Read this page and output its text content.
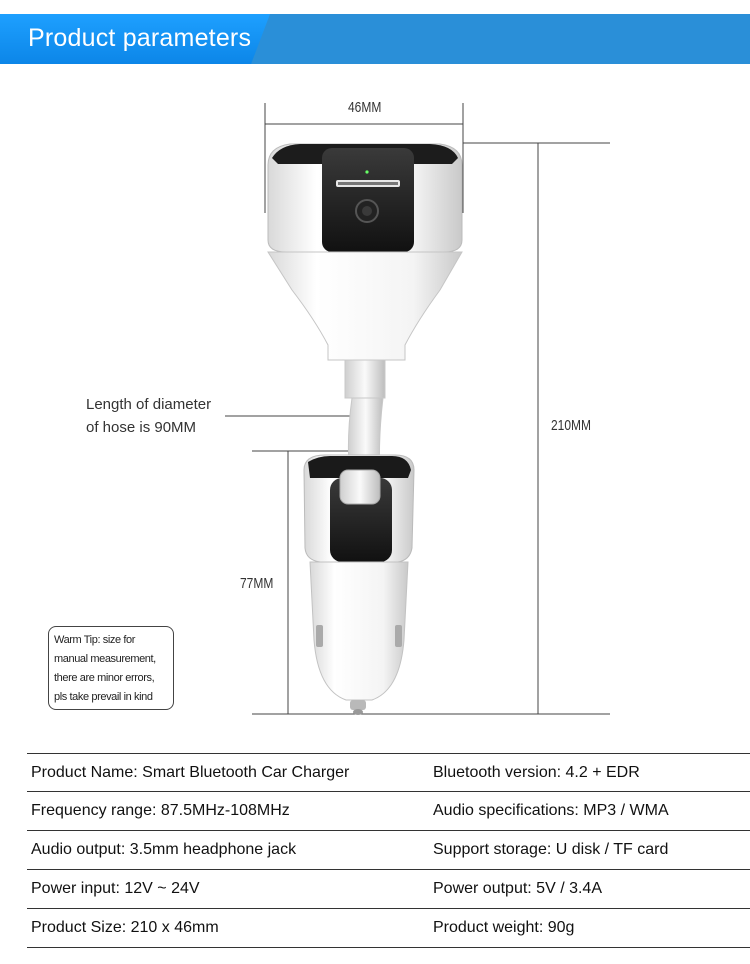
Product parameters
46MM
210MM
77MM
Length of diameter
of hose is 90MM
Warm Tip: size for
manual measurement,
there are minor errors,
pls take prevail in kind
Product Name: Smart Bluetooth Car Charger	Bluetooth version: 4.2 + EDR
Frequency range: 87.5MHz-108MHz	Audio specifications: MP3 / WMA
Audio output: 3.5mm headphone jack	Support storage: U disk / TF card
Power input: 12V ~ 24V	Power output: 5V / 3.4A
Product Size: 210 x 46mm	Product weight: 90g
